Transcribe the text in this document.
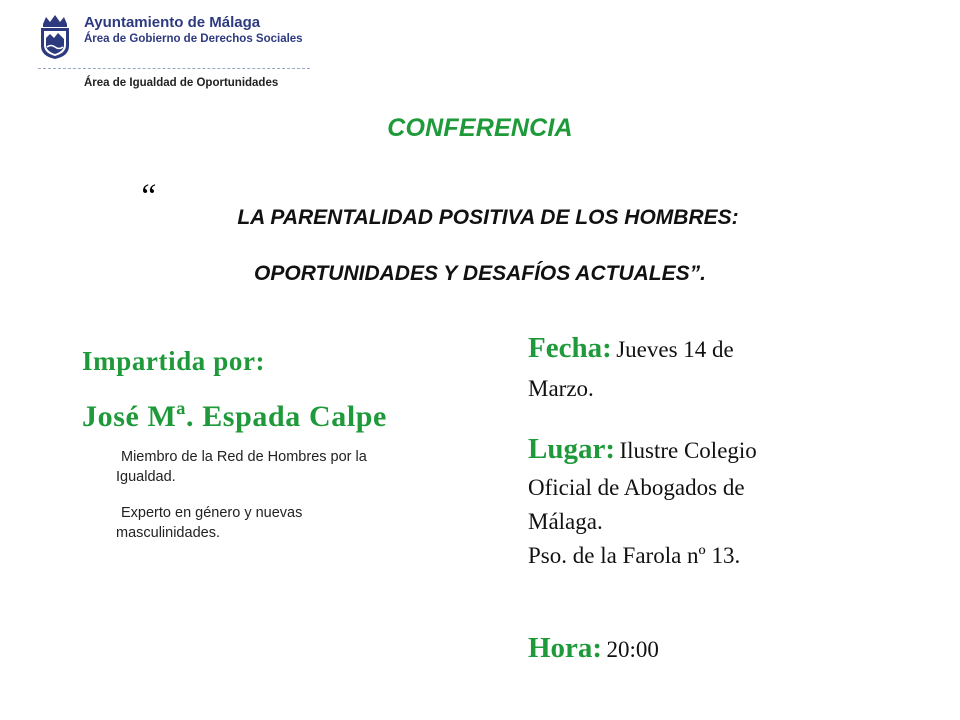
Ayuntamiento de Málaga
Área de Gobierno de Derechos Sociales
Área de Igualdad de Oportunidades
CONFERENCIA
“
LA PARENTALIDAD POSITIVA DE LOS HOMBRES:
OPORTUNIDADES Y DESAFÍOS ACTUALES”.
Impartida por:
José Mª. Espada Calpe
Miembro de la Red de Hombres por la
Igualdad.
Experto en género y nuevas
masculinidades.
Fecha: Jueves 14 de
Marzo.
Lugar: Ilustre Colegio
Oficial de Abogados de
Málaga.
Pso. de la Farola nº 13.
Hora: 20:00
